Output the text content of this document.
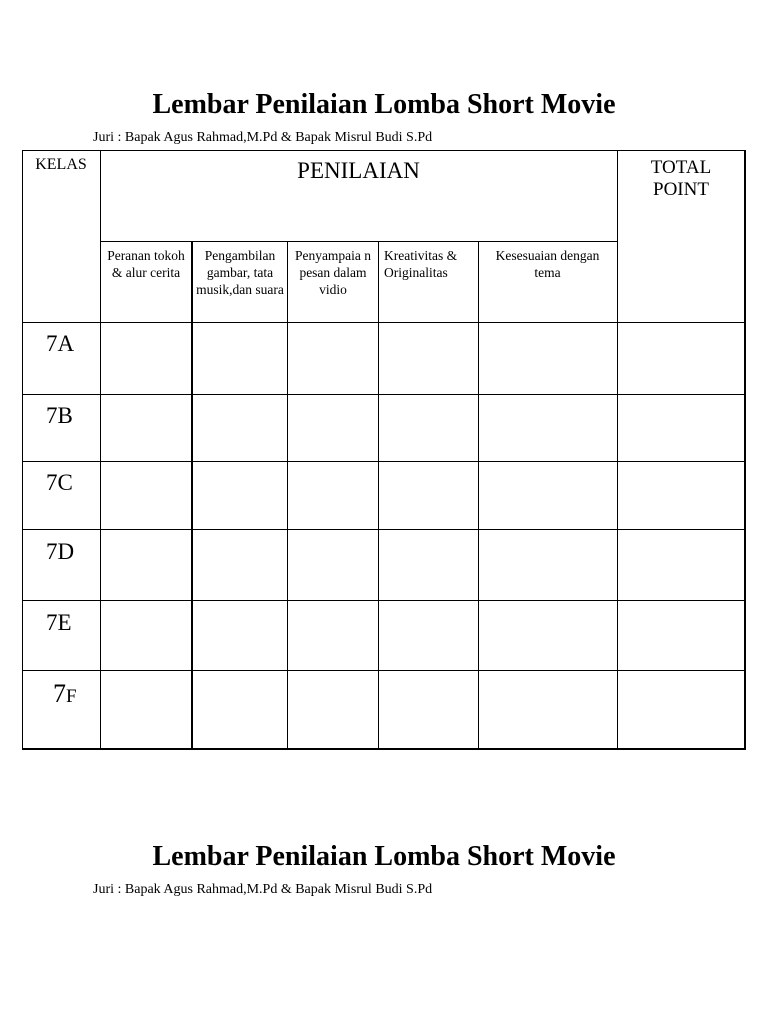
Lembar Penilaian Lomba Short Movie
Juri : Bapak Agus Rahmad,M.Pd & Bapak Misrul Budi S.Pd
KELAS	PENILAIAN	TOTAL
POINT
Peranan tokoh & alur cerita
Pengambilan gambar, tata musik,dan suara
Penyampaia n pesan dalam vidio
Kreativitas & Originalitas
Kesesuaian dengan tema
7A
7B
7C
7D
7E
7F
Lembar Penilaian Lomba Short Movie
Juri : Bapak Agus Rahmad,M.Pd & Bapak Misrul Budi S.Pd
